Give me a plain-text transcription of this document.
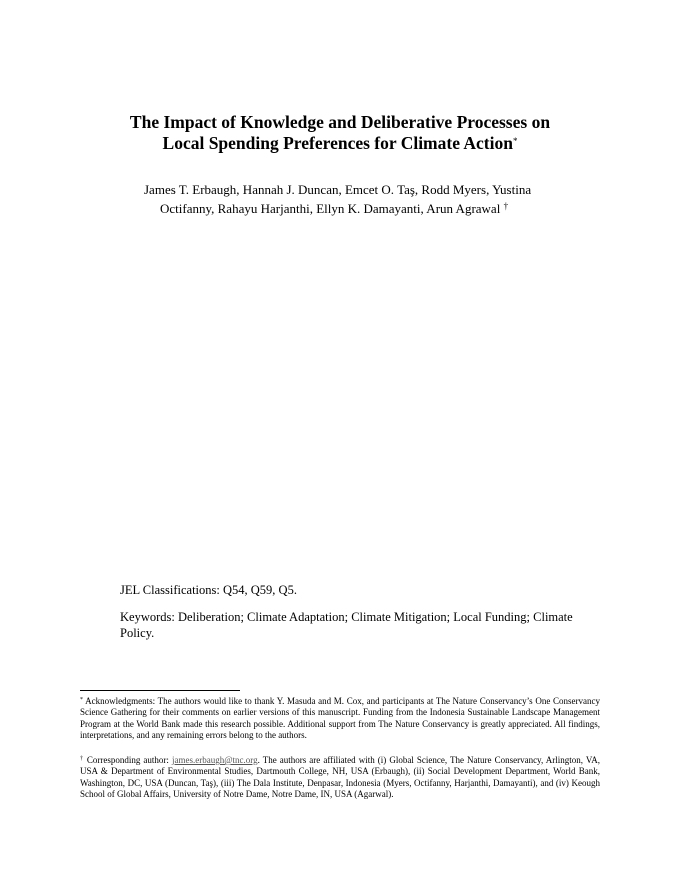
The Impact of Knowledge and Deliberative Processes on
Local Spending Preferences for Climate Action*
James T. Erbaugh, Hannah J. Duncan, Emcet O. Taş, Rodd Myers, Yustina
Octifanny, Rahayu Harjanthi, Ellyn K. Damayanti, Arun Agrawal †
JEL Classifications: Q54, Q59, Q5.
Keywords: Deliberation; Climate Adaptation; Climate Mitigation; Local Funding; Climate Policy.
* Acknowledgments: The authors would like to thank Y. Masuda and M. Cox, and participants at The Nature Conservancy’s One Conservancy Science Gathering for their comments on earlier versions of this manuscript. Funding from the Indonesia Sustainable Landscape Management Program at the World Bank made this research possible. Additional support from The Nature Conservancy is greatly appreciated. All findings, interpretations, and any remaining errors belong to the authors.
† Corresponding author: james.erbaugh@tnc.org. The authors are affiliated with (i) Global Science, The Nature Conservancy, Arlington, VA, USA & Department of Environmental Studies, Dartmouth College, NH, USA (Erbaugh), (ii) Social Development Department, World Bank, Washington, DC, USA (Duncan, Taş), (iii) The Dala Institute, Denpasar, Indonesia (Myers, Octifanny, Harjanthi, Damayanti), and (iv) Keough School of Global Affairs, University of Notre Dame, Notre Dame, IN, USA (Agarwal).
